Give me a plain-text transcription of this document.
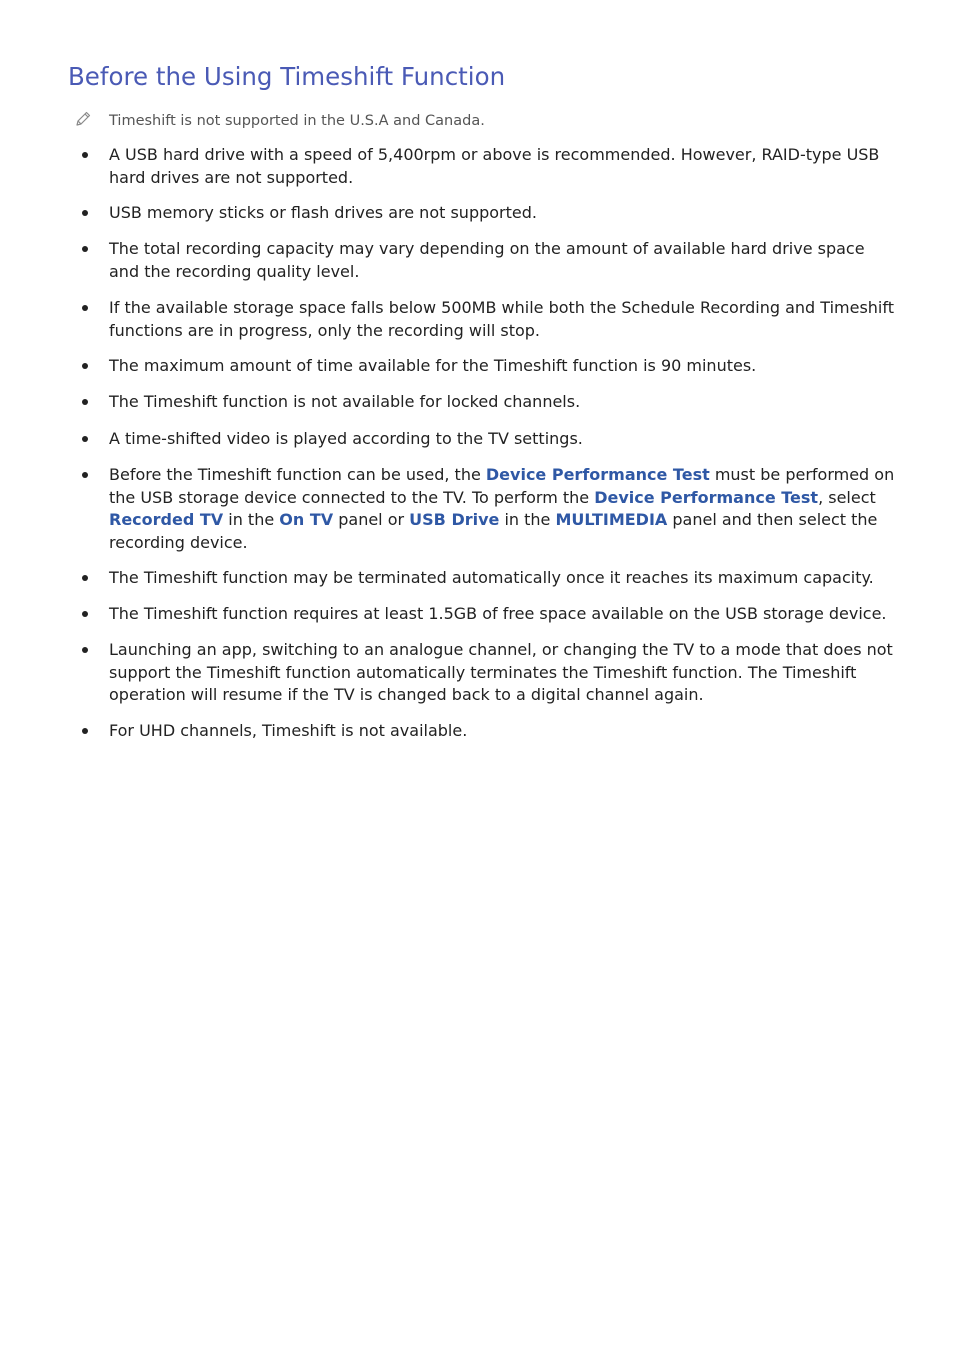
Before the Using Timeshift Function
Timeshift is not supported in the U.S.A and Canada.
A USB hard drive with a speed of 5,400rpm or above is recommended. However, RAID-type USB hard drives are not supported.
USB memory sticks or flash drives are not supported.
The total recording capacity may vary depending on the amount of available hard drive space and the recording quality level.
If the available storage space falls below 500MB while both the Schedule Recording and Timeshift functions are in progress, only the recording will stop.
The maximum amount of time available for the Timeshift function is 90 minutes.
The Timeshift function is not available for locked channels.
A time-shifted video is played according to the TV settings.
Before the Timeshift function can be used, the Device Performance Test must be performed on the USB storage device connected to the TV. To perform the Device Performance Test, select Recorded TV in the On TV panel or USB Drive in the MULTIMEDIA panel and then select the recording device.
The Timeshift function may be terminated automatically once it reaches its maximum capacity.
The Timeshift function requires at least 1.5GB of free space available on the USB storage device.
Launching an app, switching to an analogue channel, or changing the TV to a mode that does not support the Timeshift function automatically terminates the Timeshift function. The Timeshift operation will resume if the TV is changed back to a digital channel again.
For UHD channels, Timeshift is not available.
